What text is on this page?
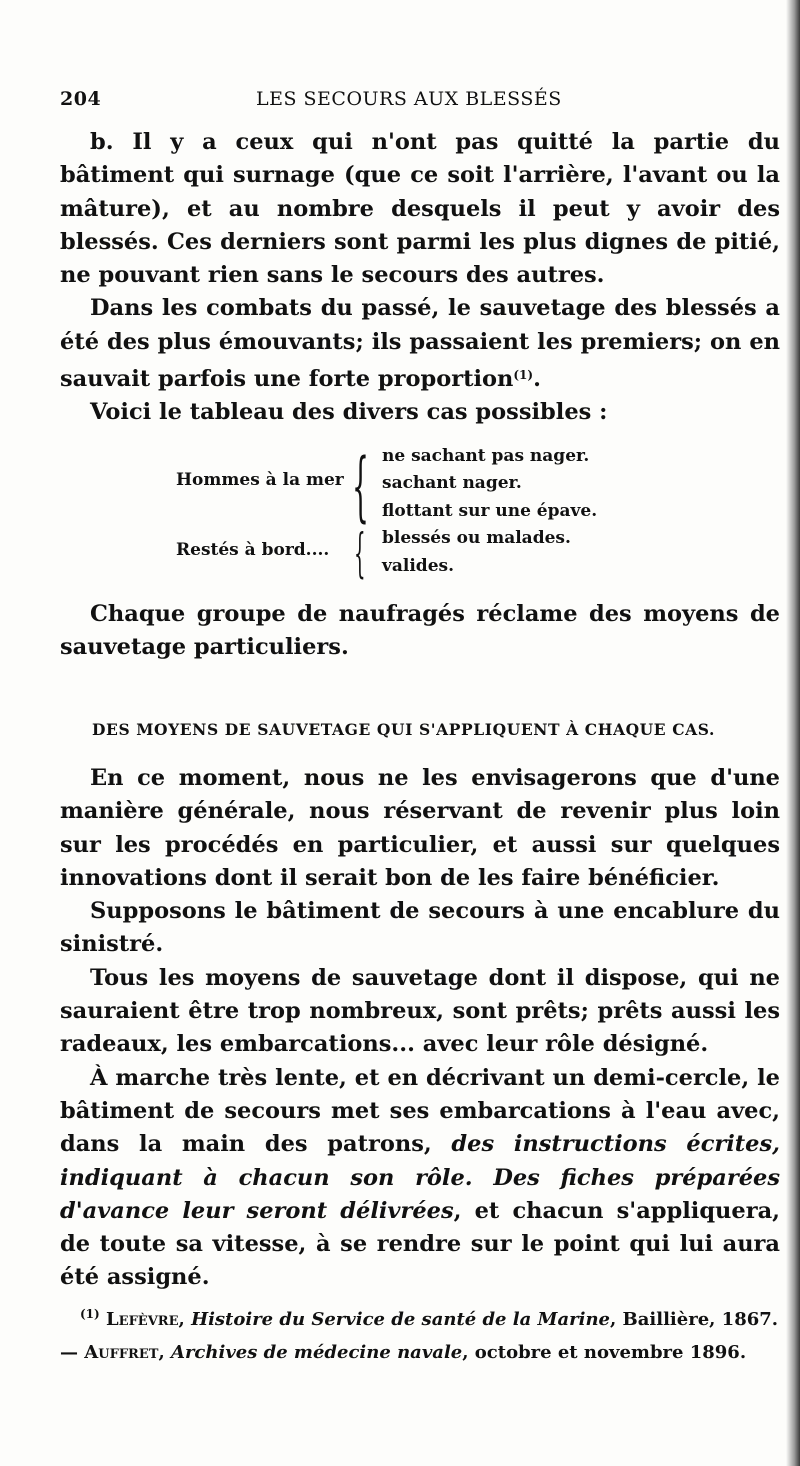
204	LES SECOURS AUX BLESSÉS

b. Il y a ceux qui n'ont pas quitté la partie du bâtiment qui surnage (que ce soit l'arrière, l'avant ou la mâture), et au nombre desquels il peut y avoir des blessés. Ces derniers sont parmi les plus dignes de pitié, ne pouvant rien sans le secours des autres.

Dans les combats du passé, le sauvetage des blessés a été des plus émouvants; ils passaient les premiers; on en sauvait parfois une forte proportion$^{(1)}$.

Voici le tableau des divers cas possibles :

Hommes à la mer { ne sachant pas nager.
sachant nager.
flottant sur une épave.
Restés à bord.... { blessés ou malades.
valides.

Chaque groupe de naufragés réclame des moyens de sauvetage particuliers.

DES MOYENS DE SAUVETAGE QUI S'APPLIQUENT À CHAQUE CAS.

En ce moment, nous ne les envisagerons que d'une manière générale, nous réservant de revenir plus loin sur les procédés en particulier, et aussi sur quelques innovations dont il serait bon de les faire bénéficier.

Supposons le bâtiment de secours à une encablure du sinistré.

Tous les moyens de sauvetage dont il dispose, qui ne sauraient être trop nombreux, sont prêts; prêts aussi les radeaux, les embarcations... avec leur rôle désigné.

À marche très lente, et en décrivant un demi-cercle, le bâtiment de secours met ses embarcations à l'eau avec, dans la main des patrons, des instructions écrites, indiquant à chacun son rôle. Des fiches préparées d'avance leur seront délivrées, et chacun s'appliquera, de toute sa vitesse, à se rendre sur le point qui lui aura été assigné.

$^{(1)}$ Lefèvre, Histoire du Service de santé de la Marine, Baillière, 1867. — Auffret, Archives de médecine navale, octobre et novembre 1896.
